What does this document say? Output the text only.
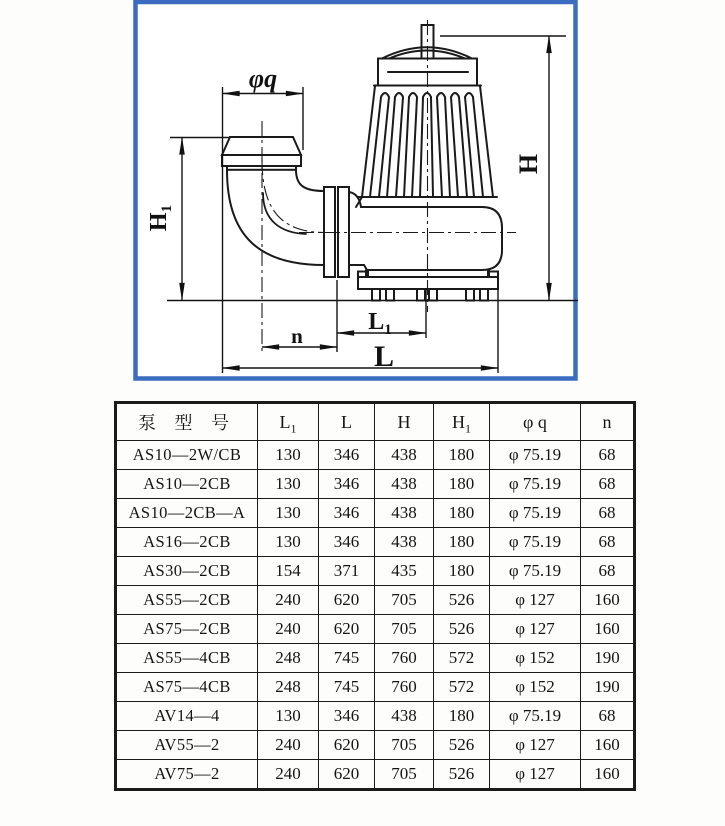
φq
$H_1$
H
n
$L_1$
L
泵 型 号	$L_1$	L	H	$H_1$	φ q	n
AS10—2W/CB	130	346	438	180	φ 75.19	68
AS10—2CB	130	346	438	180	φ 75.19	68
AS10—2CB—A	130	346	438	180	φ 75.19	68
AS16—2CB	130	346	438	180	φ 75.19	68
AS30—2CB	154	371	435	180	φ 75.19	68
AS55—2CB	240	620	705	526	φ 127	160
AS75—2CB	240	620	705	526	φ 127	160
AS55—4CB	248	745	760	572	φ 152	190
AS75—4CB	248	745	760	572	φ 152	190
AV14—4	130	346	438	180	φ 75.19	68
AV55—2	240	620	705	526	φ 127	160
AV75—2	240	620	705	526	φ 127	160
